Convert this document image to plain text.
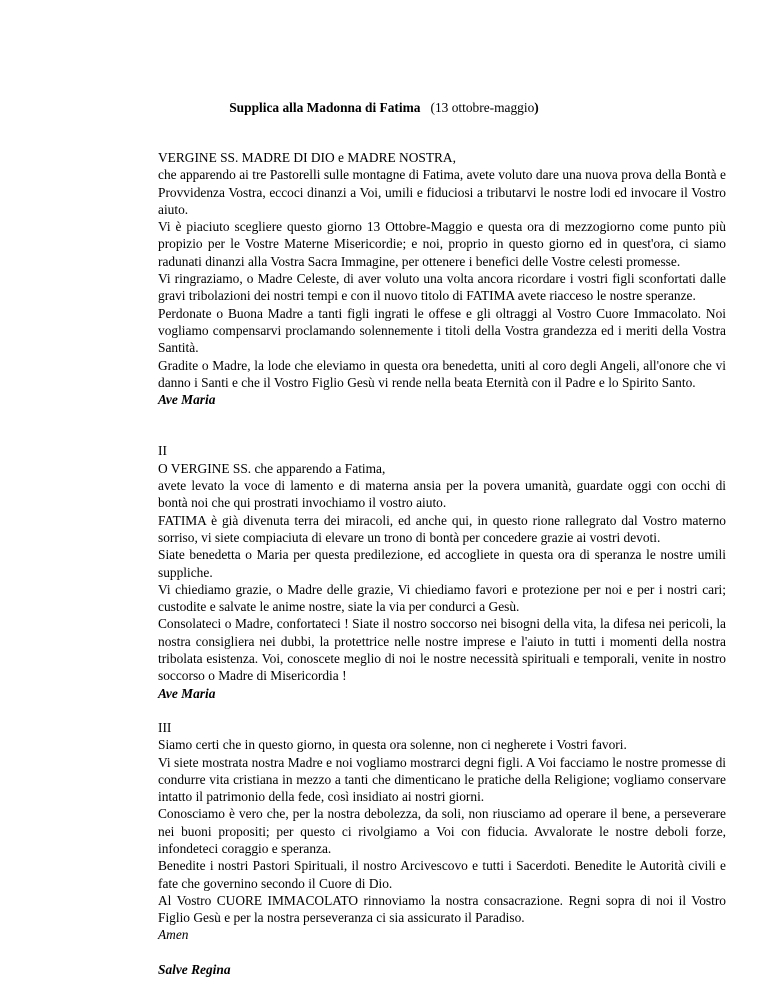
Supplica alla Madonna di Fatima (13 ottobre-maggio)

VERGINE SS. MADRE DI DIO e MADRE NOSTRA,

che apparendo ai tre Pastorelli sulle montagne di Fatima, avete voluto dare una nuova prova della Bontà e Provvidenza Vostra, eccoci dinanzi a Voi, umili e fiduciosi a tributarvi le nostre lodi ed invocare il Vostro aiuto.

Vi è piaciuto scegliere questo giorno 13 Ottobre-Maggio e questa ora di mezzogiorno come punto più propizio per le Vostre Materne Misericordie; e noi, proprio in questo giorno ed in quest'ora, ci siamo radunati dinanzi alla Vostra Sacra Immagine, per ottenere i benefici delle Vostre celesti promesse.

Vi ringraziamo, o Madre Celeste, di aver voluto una volta ancora ricordare i vostri figli sconfortati dalle gravi tribolazioni dei nostri tempi e con il nuovo titolo di FATIMA avete riacceso le nostre speranze.

Perdonate o Buona Madre a tanti figli ingrati le offese e gli oltraggi al Vostro Cuore Immacolato. Noi vogliamo compensarvi proclamando solennemente i titoli della Vostra grandezza ed i meriti della Vostra Santità.

Gradite o Madre, la lode che eleviamo in questa ora benedetta, uniti al coro degli Angeli, all'onore che vi danno i Santi e che il Vostro Figlio Gesù vi rende nella beata Eternità con il Padre e lo Spirito Santo.

Ave Maria

II

O VERGINE SS. che apparendo a Fatima,

avete levato la voce di lamento e di materna ansia per la povera umanità, guardate oggi con occhi di bontà noi che qui prostrati invochiamo il vostro aiuto.

FATIMA è già divenuta terra dei miracoli, ed anche qui, in questo rione rallegrato dal Vostro materno sorriso, vi siete compiaciuta di elevare un trono di bontà per concedere grazie ai vostri devoti.

Siate benedetta o Maria per questa predilezione, ed accogliete in questa ora di speranza le nostre umili suppliche.

Vi chiediamo grazie, o Madre delle grazie, Vi chiediamo favori e protezione per noi e per i nostri cari; custodite e salvate le anime nostre, siate la via per condurci a Gesù.

Consolateci o Madre, confortateci ! Siate il nostro soccorso nei bisogni della vita, la difesa nei pericoli, la nostra consigliera nei dubbi, la protettrice nelle nostre imprese e l'aiuto in tutti i momenti della nostra tribolata esistenza. Voi, conoscete meglio di noi le nostre necessità spirituali e temporali, venite in nostro soccorso o Madre di Misericordia !

Ave Maria

III

Siamo certi che in questo giorno, in questa ora solenne, non ci negherete i Vostri favori.

Vi siete mostrata nostra Madre e noi vogliamo mostrarci degni figli. A Voi facciamo le nostre promesse di condurre vita cristiana in mezzo a tanti che dimenticano le pratiche della Religione; vogliamo conservare intatto il patrimonio della fede, così insidiato ai nostri giorni.

Conosciamo è vero che, per la nostra debolezza, da soli, non riusciamo ad operare il bene, a perseverare nei buoni propositi; per questo ci rivolgiamo a Voi con fiducia. Avvalorate le nostre deboli forze, infondeteci coraggio e speranza.

Benedite i nostri Pastori Spirituali, il nostro Arcivescovo e tutti i Sacerdoti. Benedite le Autorità civili e fate che governino secondo il Cuore di Dio.

Al Vostro CUORE IMMACOLATO rinnoviamo la nostra consacrazione. Regni sopra di noi il Vostro Figlio Gesù e per la nostra perseveranza ci sia assicurato il Paradiso.

Amen

Salve Regina
